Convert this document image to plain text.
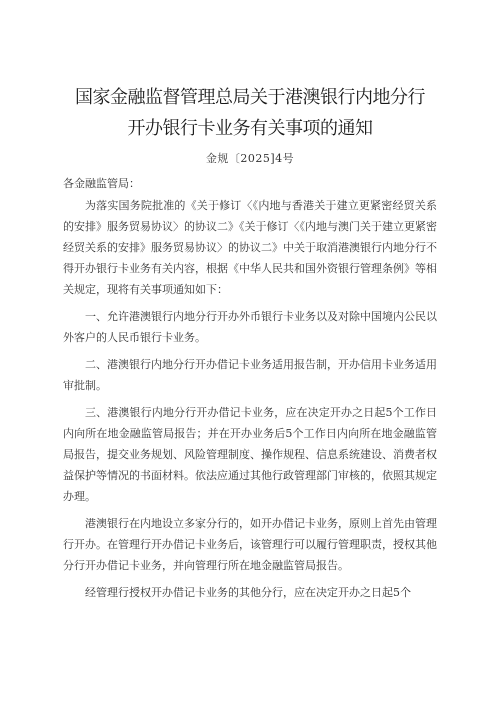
国家金融监督管理总局关于港澳银行内地分行
开办银行卡业务有关事项的通知
金规〔2025]4号
各金融监管局：

为落实国务院批准的《关于修订〈《内地与香港关于建立更紧密经贸关系的安排》服务贸易协议〉的协议二》《关于修订〈《内地与澳门关于建立更紧密经贸关系的安排》服务贸易协议〉的协议二》中关于取消港澳银行内地分行不得开办银行卡业务有关内容，根据《中华人民共和国外资银行管理条例》等相关规定，现将有关事项通知如下：

一、允许港澳银行内地分行开办外币银行卡业务以及对除中国境内公民以外客户的人民币银行卡业务。

二、港澳银行内地分行开办借记卡业务适用报告制，开办信用卡业务适用审批制。

三、港澳银行内地分行开办借记卡业务，应在决定开办之日起5个工作日内向所在地金融监管局报告；并在开办业务后5个工作日内向所在地金融监管局报告，提交业务规划、风险管理制度、操作规程、信息系统建设、消费者权益保护等情况的书面材料。依法应通过其他行政管理部门审核的，依照其规定办理。

港澳银行在内地设立多家分行的，如开办借记卡业务，原则上首先由管理行开办。在管理行开办借记卡业务后，该管理行可以履行管理职责，授权其他分行开办借记卡业务，并向管理行所在地金融监管局报告。

经管理行授权开办借记卡业务的其他分行，应在决定开办之日起5个
